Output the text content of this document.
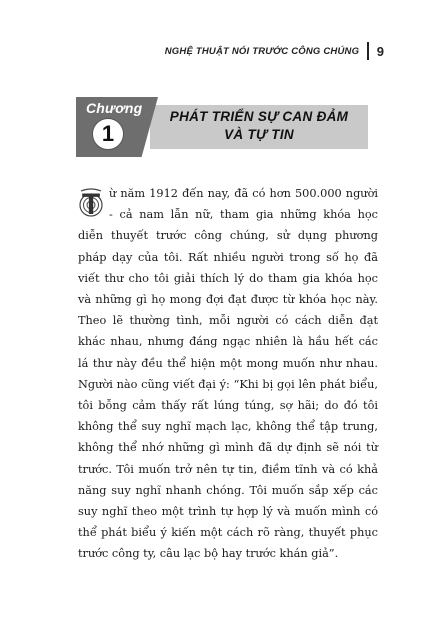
NGHỆ THUẬT NÓI TRƯỚC CÔNG CHÚNG 9
Chương
1
PHÁT TRIỂN SỰ CAN ĐẢM
VÀ TỰ TIN
T ừ năm 1912 đến nay, đã có hơn 500.000 người - cả nam lẫn nữ, tham gia những khóa học diễn thuyết trước công chúng, sử dụng phương pháp dạy của tôi. Rất nhiều người trong số họ đã viết thư cho tôi giải thích lý do tham gia khóa học và những gì họ mong đợi đạt được từ khóa học này. Theo lẽ thường tình, mỗi người có cách diễn đạt khác nhau, nhưng đáng ngạc nhiên là hầu hết các lá thư này đều thể hiện một mong muốn như nhau. Người nào cũng viết đại ý: “Khi bị gọi lên phát biểu, tôi bỗng cảm thấy rất lúng túng, sợ hãi; do đó tôi không thể suy nghĩ mạch lạc, không thể tập trung, không thể nhớ những gì mình đã dự định sẽ nói từ trước. Tôi muốn trở nên tự tin, điềm tĩnh và có khả năng suy nghĩ nhanh chóng. Tôi muốn sắp xếp các suy nghĩ theo một trình tự hợp lý và muốn mình có thể phát biểu ý kiến một cách rõ ràng, thuyết phục trước công ty, câu lạc bộ hay trước khán giả”.
